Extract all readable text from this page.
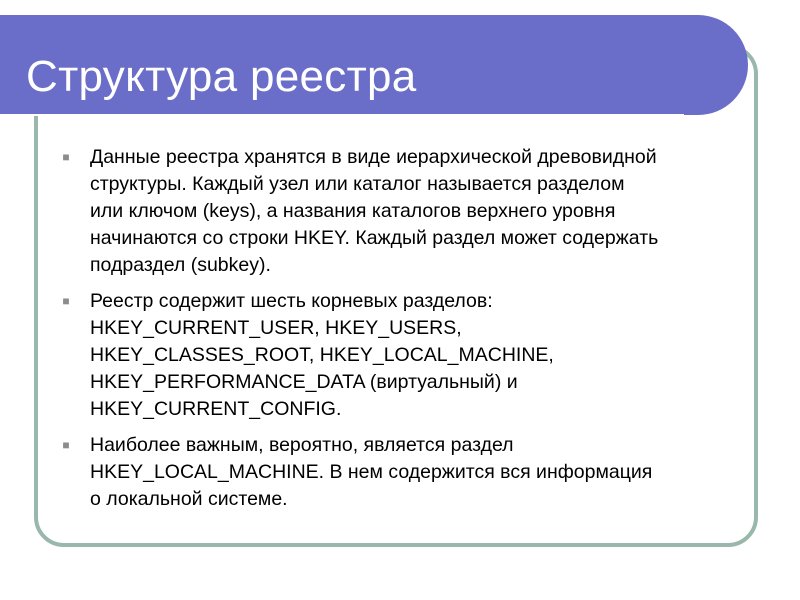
Структура реестра
■ Данные реестра хранятся в виде иерархической древовидной
структуры. Каждый узел или каталог называется разделом
или ключом (keys), а названия каталогов верхнего уровня
начинаются со строки HKEY. Каждый раздел может содержать
подраздел (subkey).
■ Реестр содержит шесть корневых разделов:
HKEY_CURRENT_USER, HKEY_USERS,
HKEY_CLASSES_ROOT, HKEY_LOCAL_MACHINE,
HKEY_PERFORMANCE_DATA (виртуальный) и
HKEY_CURRENT_CONFIG.
■ Наиболее важным, вероятно, является раздел
HKEY_LOCAL_MACHINE. В нем содержится вся информация
о локальной системе.
